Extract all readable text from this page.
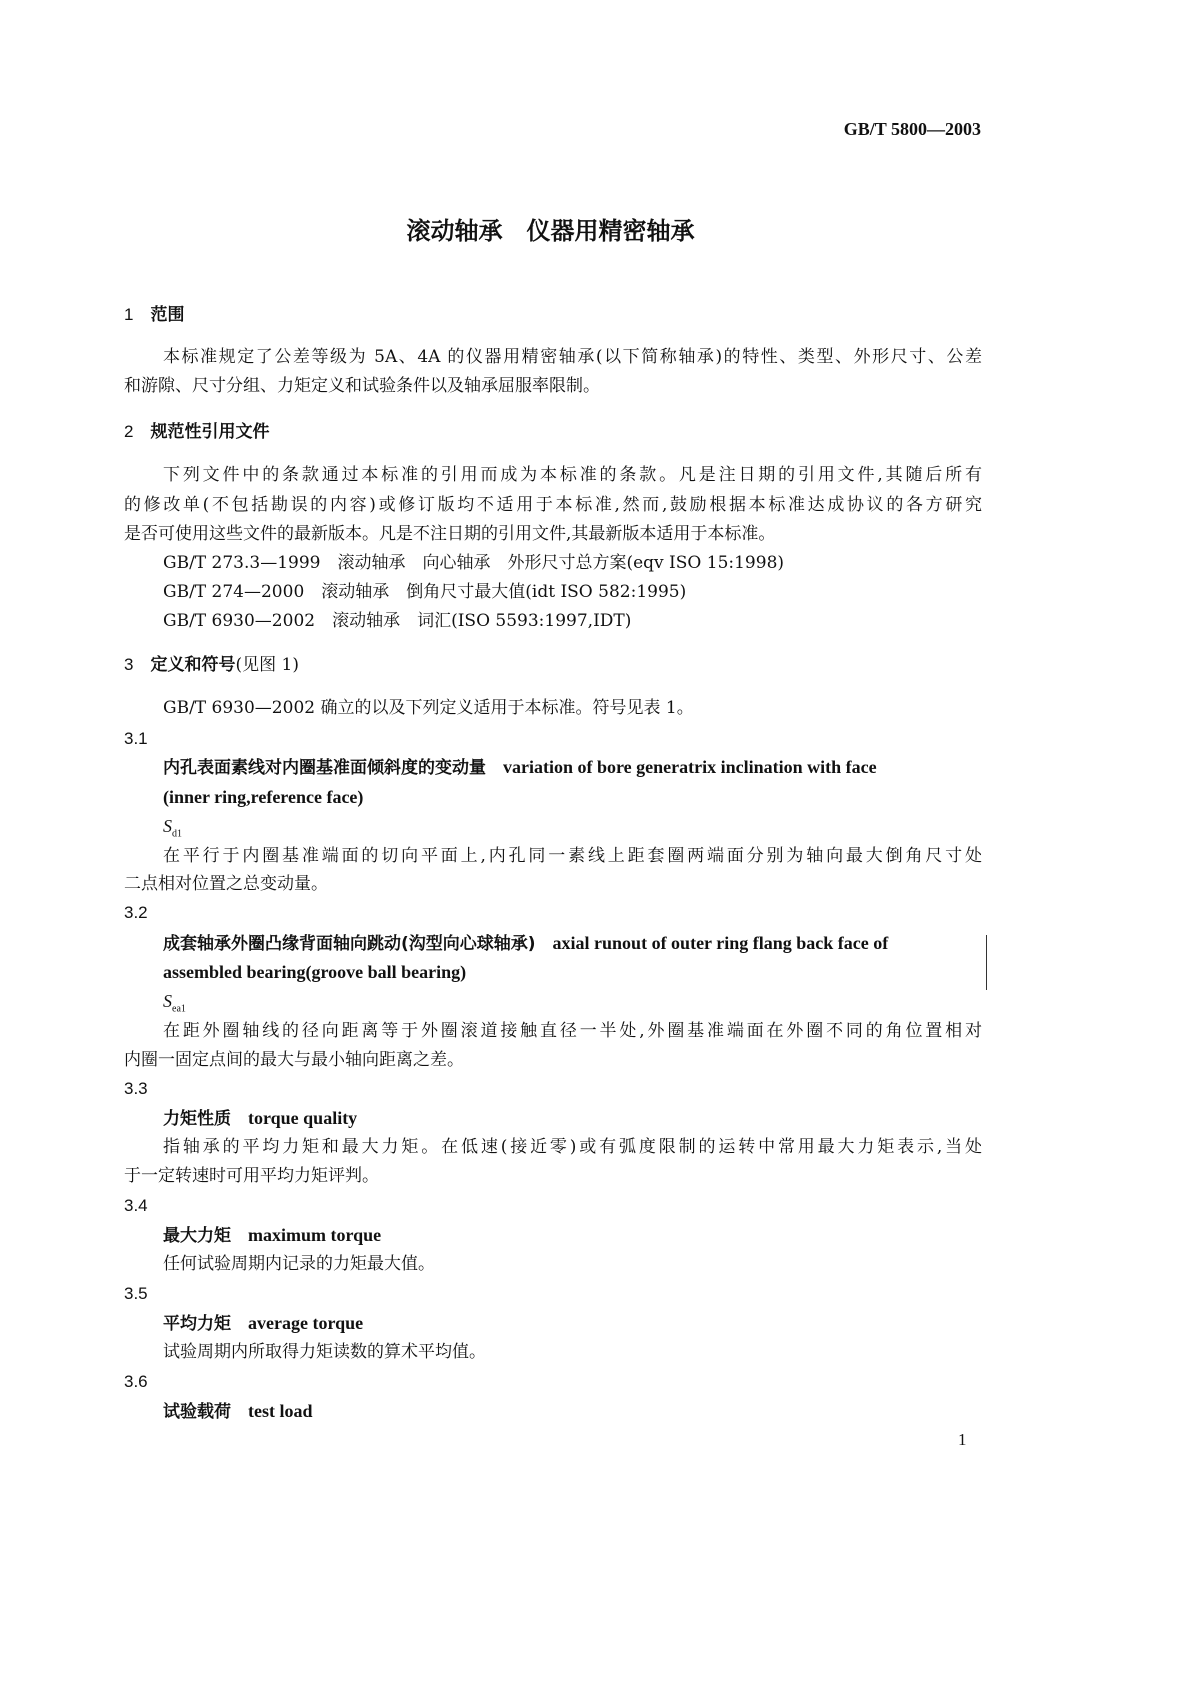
GB/T 5800—2003
滚动轴承　仪器用精密轴承
1　 范围
本标准规定了公差等级为 5A、4A 的仪器用精密轴承(以下简称轴承)的特性、类型、外形尺寸、公差
和游隙、尺寸分组、力矩定义和试验条件以及轴承屈服率限制。
2　 规范性引用文件
下列文件中的条款通过本标准的引用而成为本标准的条款。凡是注日期的引用文件,其随后所有
的修改单(不包括勘误的内容)或修订版均不适用于本标准,然而,鼓励根据本标准达成协议的各方研究
是否可使用这些文件的最新版本。凡是不注日期的引用文件,其最新版本适用于本标准。
GB/T 273.3—1999　滚动轴承　向心轴承　外形尺寸总方案(eqv ISO 15:1998)
GB/T 274—2000　滚动轴承　倒角尺寸最大值(idt ISO 582:1995)
GB/T 6930—2002　滚动轴承　词汇(ISO 5593:1997,IDT)
3　 定义和符号(见图 1)
GB/T 6930—2002 确立的以及下列定义适用于本标准。符号见表 1。
3.1
内孔表面素线对内圈基准面倾斜度的变动量　 variation of bore generatrix inclination with face
(inner ring,reference face)
$S_{d1}$
在平行于内圈基准端面的切向平面上,内孔同一素线上距套圈两端面分别为轴向最大倒角尺寸处
二点相对位置之总变动量。
3.2
成套轴承外圈凸缘背面轴向跳动(沟型向心球轴承)　 axial runout of outer ring flang back face of
assembled bearing(groove ball bearing)
$S_{ea1}$
在距外圈轴线的径向距离等于外圈滚道接触直径一半处,外圈基准端面在外圈不同的角位置相对
内圈一固定点间的最大与最小轴向距离之差。
3.3
力矩性质　 torque quality
指轴承的平均力矩和最大力矩。在低速(接近零)或有弧度限制的运转中常用最大力矩表示,当处
于一定转速时可用平均力矩评判。
3.4
最大力矩　 maximum torque
任何试验周期内记录的力矩最大值。
3.5
平均力矩　 average torque
试验周期内所取得力矩读数的算术平均值。
3.6
试验载荷　 test load
1
